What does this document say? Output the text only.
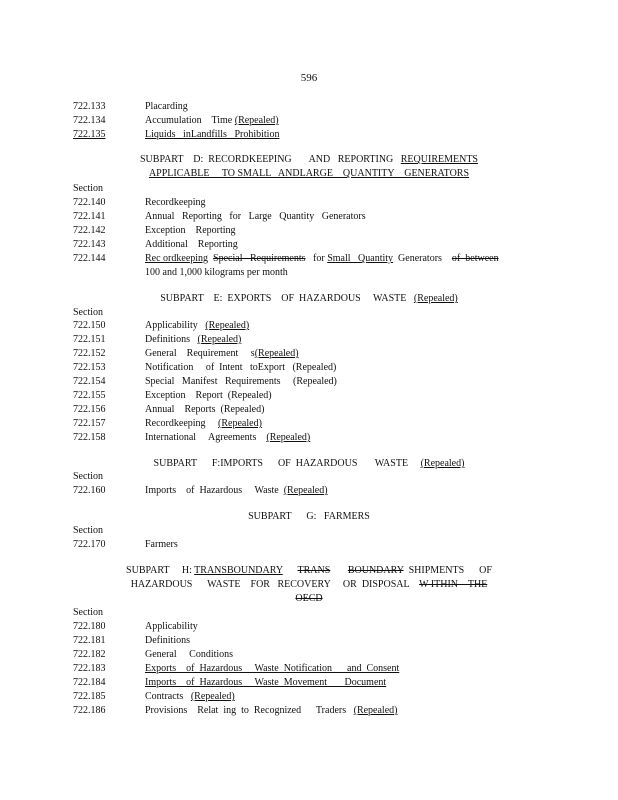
596
722.133	Placarding
722.134	Accumulation    Time (Repealed)
722.135	Liquids   inLandfills   Prohibition
SUBPART    D:  RECORDKEEPING       AND   REPORTING   REQUIREMENTS
APPLICABLE     TO SMALL   ANDLARGE    QUANTITY    GENERATORS
Section
722.140	Recordkeeping
722.141	Annual   Reporting   for   Large   Quantity   Generators
722.142	Exception    Reporting
722.143	Additional    Reporting
722.144	Rec ordkeeping Special   Requirements   for Small   Quantity  Generators    of  between
100 and 1,000 kilograms per month
SUBPART    E:  EXPORTS    OF  HAZARDOUS     WASTE   (Repealed)
Section
722.150	Applicability   (Repealed)
722.151	Definitions   (Repealed)
722.152	General    Requirement     s(Repealed)
722.153	Notification     of  Intent   toExport   (Repealed)
722.154	Special   Manifest   Requirements     (Repealed)
722.155	Exception    Report  (Repealed)
722.156	Annual    Reports  (Repealed)
722.157	Recordkeeping     (Repealed)
722.158	International     Agreements    (Repealed)
SUBPART      F:IMPORTS      OF  HAZARDOUS       WASTE     (Repealed)
Section
722.160	Imports    of  Hazardous     Waste  (Repealed)
SUBPART      G:   FARMERS
Section
722.170	Farmers
SUBPART     H: TRANSBOUNDARY TRANS BOUNDARY SHIPMENTS      OF
HAZARDOUS      WASTE    FOR   RECOVERY     OR  DISPOSAL    W ITHIN    THE
OECD
Section
722.180	Applicability
722.181	Definitions
722.182	General     Conditions
722.183	Exports    of  Hazardous     Waste  Notification      and  Consent
722.184	Imports    of  Hazardous     Waste  Movement       Document
722.185	Contracts   (Repealed)
722.186	Provisions    Relat  ing  to  Recognized      Traders   (Repealed)
